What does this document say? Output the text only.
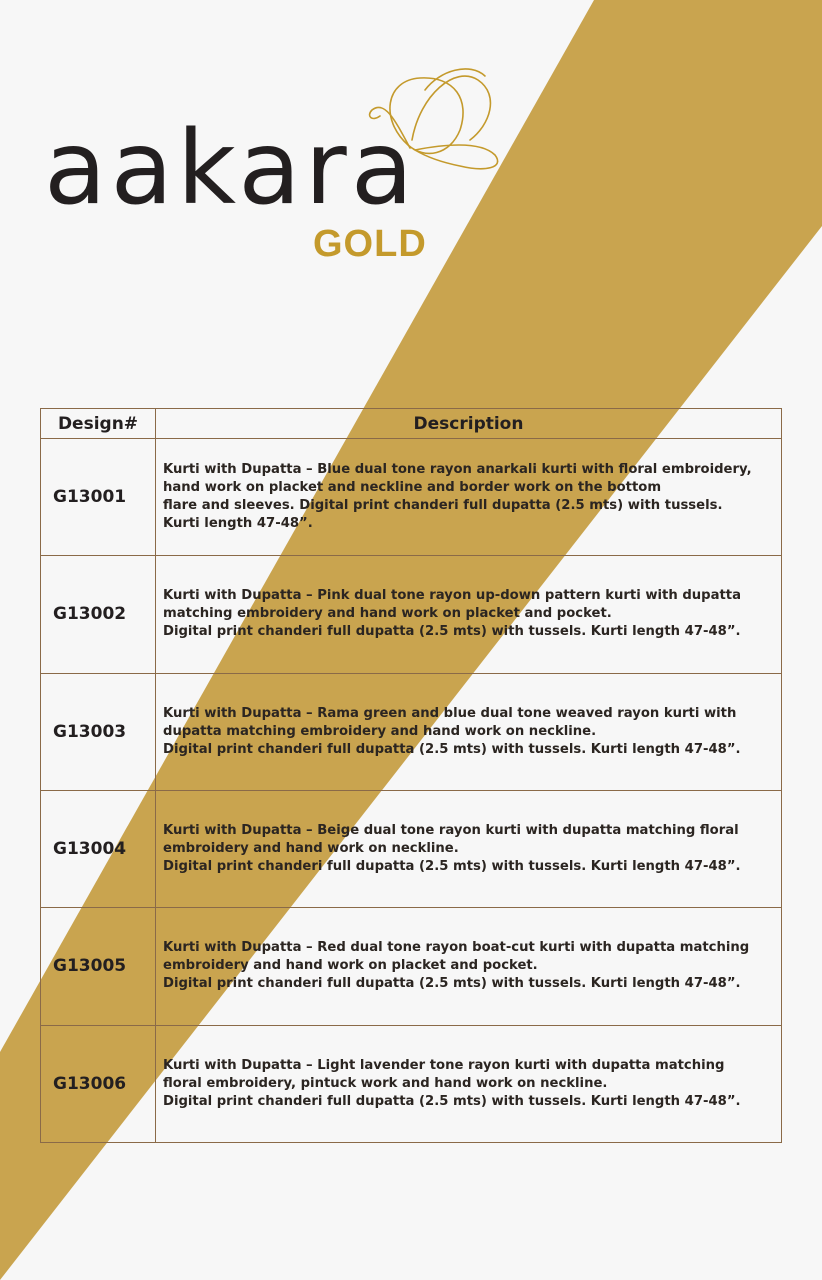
aakara
GOLD
Design#	Description
G13001	Kurti with Dupatta – Blue dual tone rayon anarkali kurti with floral embroidery,
hand work on placket and neckline and border work on the bottom
flare and sleeves. Digital print chanderi full dupatta (2.5 mts) with tussels.
Kurti length 47-48”.

G13002	Kurti with Dupatta – Pink dual tone rayon up-down pattern kurti with dupatta
matching embroidery and hand work on placket and pocket.
Digital print chanderi full dupatta (2.5 mts) with tussels. Kurti length 47-48”.

G13003	Kurti with Dupatta – Rama green and blue dual tone weaved rayon kurti with
dupatta matching embroidery and hand work on neckline.
Digital print chanderi full dupatta (2.5 mts) with tussels. Kurti length 47-48”.

G13004	Kurti with Dupatta – Beige dual tone rayon kurti with dupatta matching floral
embroidery and hand work on neckline.
Digital print chanderi full dupatta (2.5 mts) with tussels. Kurti length 47-48”.

G13005	Kurti with Dupatta – Red dual tone rayon boat-cut kurti with dupatta matching
embroidery and hand work on placket and pocket.
Digital print chanderi full dupatta (2.5 mts) with tussels. Kurti length 47-48”.

G13006	Kurti with Dupatta – Light lavender tone rayon kurti with dupatta matching
floral embroidery, pintuck work and hand work on neckline.
Digital print chanderi full dupatta (2.5 mts) with tussels. Kurti length 47-48”.
